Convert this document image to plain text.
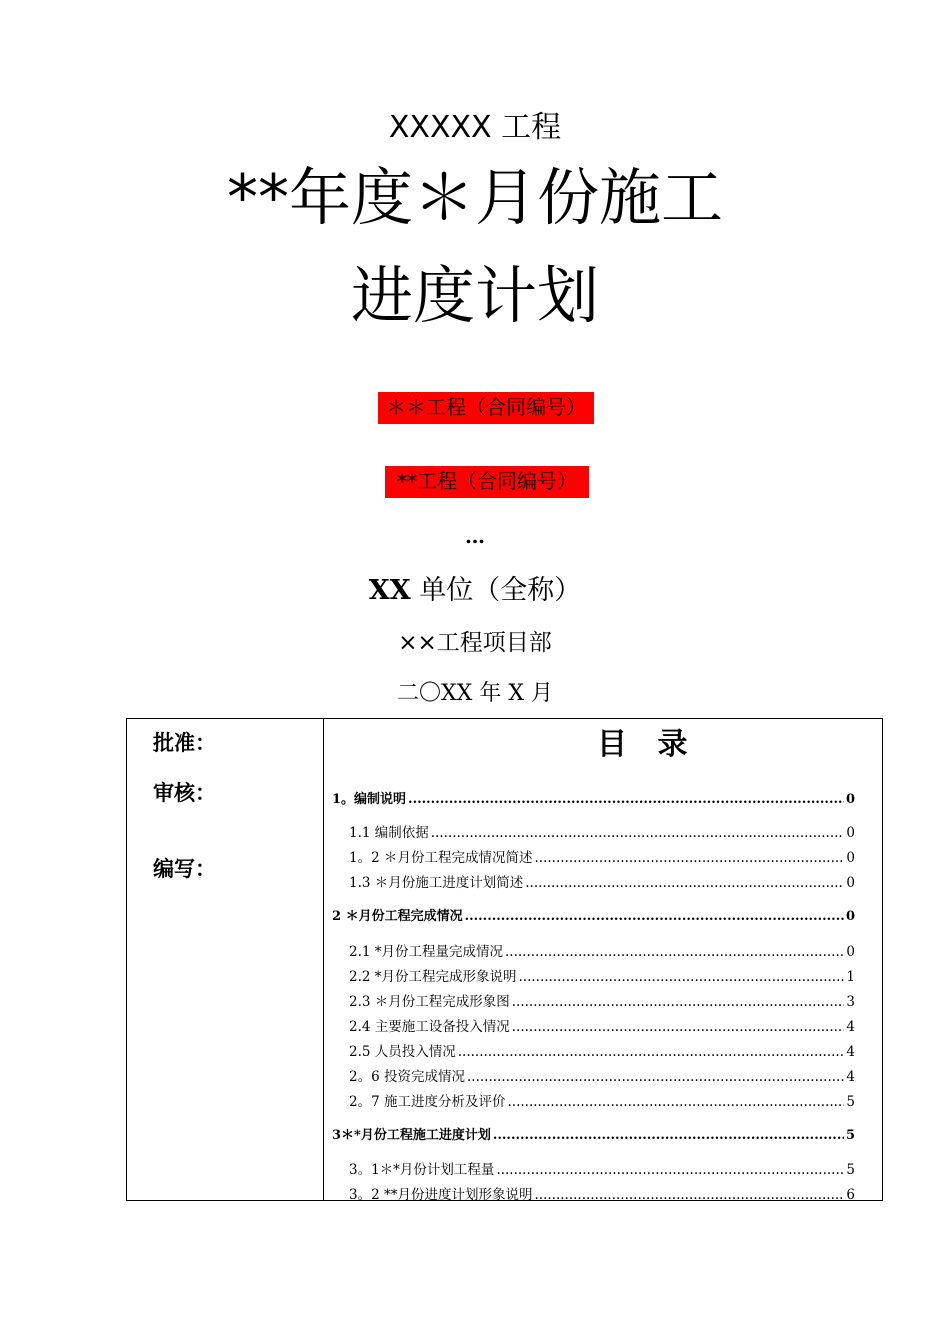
XXXXX 工程
**年度＊月份施工
进度计划
＊＊工程（合同编号）
**工程（合同编号）
…
XX 单位（全称）
××工程项目部
二〇XX 年 X 月
批准：
审核：
编写：
目 录
1。编制说明 .....	0
1.1 编制依据 .....	0
1。2 ＊月份工程完成情况简述 .....	0
1.3 ＊月份施工进度计划简述 .....	0
2 ＊月份工程完成情况 .....	0
2.1 *月份工程量完成情况 .....	0
2.2 *月份工程完成形象说明 .....	1
2.3 ＊月份工程完成形象图 .....	3
2.4 主要施工设备投入情况 .....	4
2.5 人员投入情况 .....	4
2。6 投资完成情况 .....	4
2。7 施工进度分析及评价 .....	5
3＊*月份工程施工进度计划 .....	5
3。1＊*月份计划工程量 .....	5
3。2 **月份进度计划形象说明 .....	6
